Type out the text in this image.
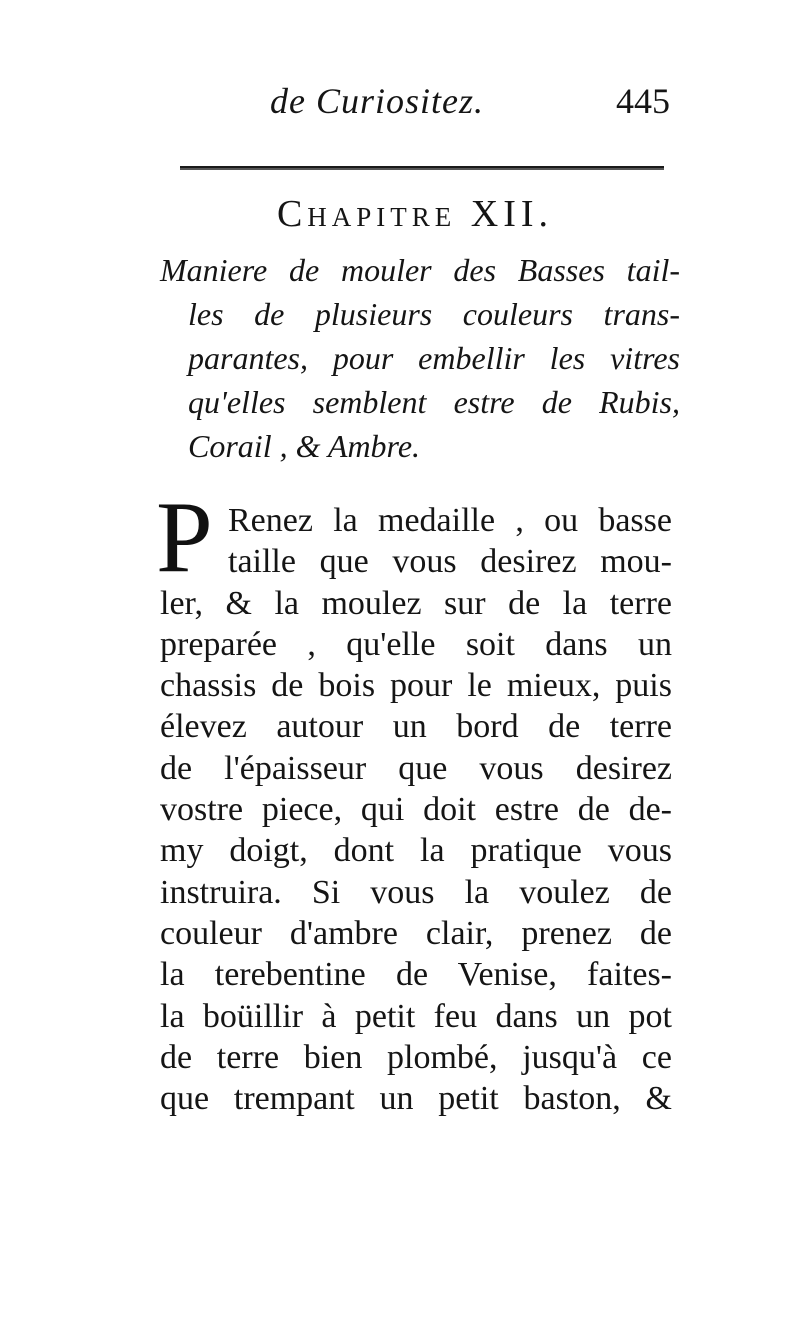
de Curiositez.	445
Chapitre XII.

Maniere de mouler des Basses tail-
les de plusieurs couleurs trans-
parantes, pour embellir les vitres
qu'elles semblent estre de Rubis,
Corail , & Ambre.

P Renez la medaille , ou basse
taille que vous desirez mou-
ler, & la moulez sur de la terre
preparée , qu'elle soit dans un
chassis de bois pour le mieux, puis
élevez autour un bord de terre
de l'épaisseur que vous desirez
vostre piece, qui doit estre de de-
my doigt, dont la pratique vous
instruira. Si vous la voulez de
couleur d'ambre clair, prenez de
la terebentine de Venise, faites-
la boüillir à petit feu dans un pot
de terre bien plombé, jusqu'à ce
que trempant un petit baston, &
